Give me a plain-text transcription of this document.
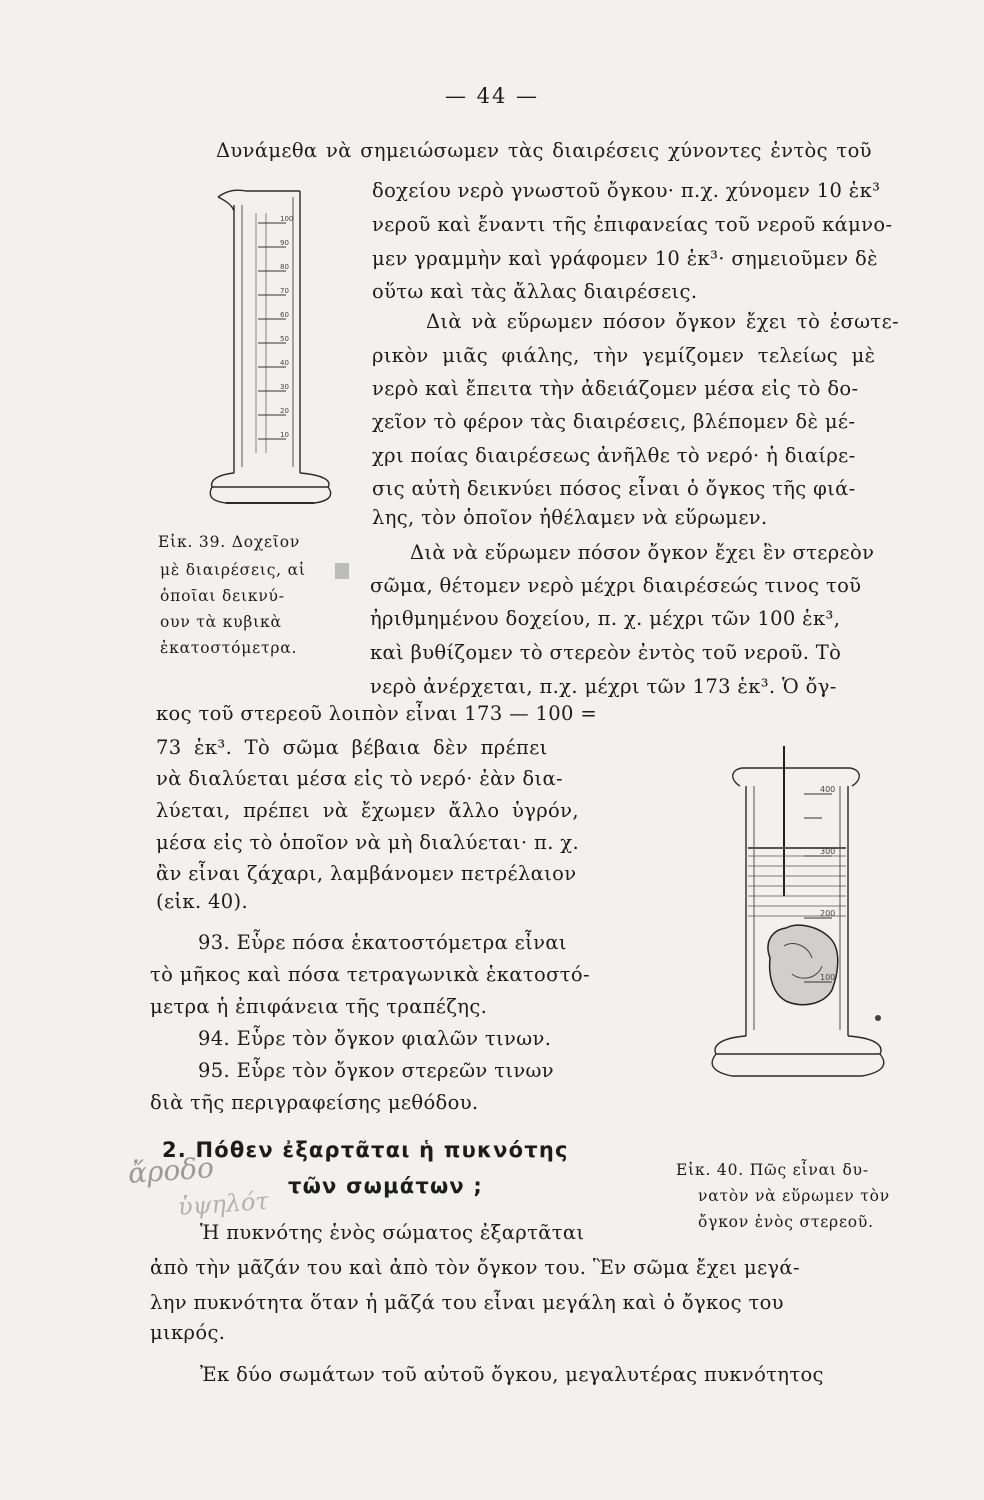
— 44 —
Δυνάμεθα νὰ σημειώσωμεν τὰς διαιρέσεις χύνοντες ἐντὸς τοῦ
δοχείου νερὸ γνωστοῦ ὄγκου· π.χ. χύνομεν 10 ἑκ³
νεροῦ καὶ ἔναντι τῆς ἐπιφανείας τοῦ νεροῦ κάμνο-
μεν γραμμὴν καὶ γράφομεν 10 ἑκ³· σημειοῦμεν δὲ
οὕτω καὶ τὰς ἄλλας διαιρέσεις.
Διὰ νὰ εὕρωμεν πόσον ὄγκον ἔχει τὸ ἐσωτε-
ρικὸν μιᾶς φιάλης, τὴν γεμίζομεν τελείως μὲ
νερὸ καὶ ἔπειτα τὴν ἀδειάζομεν μέσα εἰς τὸ δο-
χεῖον τὸ φέρον τὰς διαιρέσεις, βλέπομεν δὲ μέ-
χρι ποίας διαιρέσεως ἀνῆλθε τὸ νερό· ἡ διαίρε-
σις αὐτὴ δεικνύει πόσος εἶναι ὁ ὄγκος τῆς φιά-
λης, τὸν ὁποῖον ἠθέλαμεν νὰ εὕρωμεν.
100
90
80
70
60
50
40
30
20
10
Εἰκ. 39. Δοχεῖον
μὲ διαιρέσεις, αἱ
ὁποῖαι δεικνύ-
ουν τὰ κυβικὰ
ἑκατοστόμετρα.
Διὰ νὰ εὕρωμεν πόσον ὄγκον ἔχει ἓν στερεὸν
σῶμα, θέτομεν νερὸ μέχρι διαιρέσεώς τινος τοῦ
ἠριθμημένου δοχείου, π. χ. μέχρι τῶν 100 ἑκ³,
καὶ βυθίζομεν τὸ στερεὸν ἐντὸς τοῦ νεροῦ. Τὸ
νερὸ ἀνέρχεται, π.χ. μέχρι τῶν 173 ἑκ³. Ὁ ὄγ-
κος τοῦ στερεοῦ λοιπὸν εἶναι 173 — 100 =
73 ἑκ³. Τὸ σῶμα βέβαια δὲν πρέπει
νὰ διαλύεται μέσα εἰς τὸ νερό· ἐὰν δια-
λύεται, πρέπει νὰ ἔχωμεν ἄλλο ὑγρόν,
μέσα εἰς τὸ ὁποῖον νὰ μὴ διαλύεται· π. χ.
ἂν εἶναι ζάχαρι, λαμβάνομεν πετρέλαιον
(εἰκ. 40).
93. Εὗρε πόσα ἑκατοστόμετρα εἶναι
τὸ μῆκος καὶ πόσα τετραγωνικὰ ἑκατοστό-
μετρα ἡ ἐπιφάνεια τῆς τραπέζης.
94. Εὗρε τὸν ὄγκον φιαλῶν τινων.
95. Εὗρε τὸν ὄγκον στερεῶν τινων
διὰ τῆς περιγραφείσης μεθόδου.
400
300
200
100
2. Πόθεν ἐξαρτᾶται ἡ πυκνότης
τῶν σωμάτων ;
Εἰκ. 40. Πῶς εἶναι δυ-
νατὸν νὰ εὕρωμεν τὸν
ὄγκον ἑνὸς στερεοῦ.
ἄροδο
ὑψηλότ
Ἡ πυκνότης ἑνὸς σώματος ἐξαρτᾶται
ἀπὸ τὴν μᾶζάν του καὶ ἀπὸ τὸν ὄγκον του. Ἓν σῶμα ἔχει μεγά-
λην πυκνότητα ὅταν ἡ μᾶζά του εἶναι μεγάλη καὶ ὁ ὄγκος του
μικρός.
Ἐκ δύο σωμάτων τοῦ αὐτοῦ ὄγκου, μεγαλυτέρας πυκνότητος
